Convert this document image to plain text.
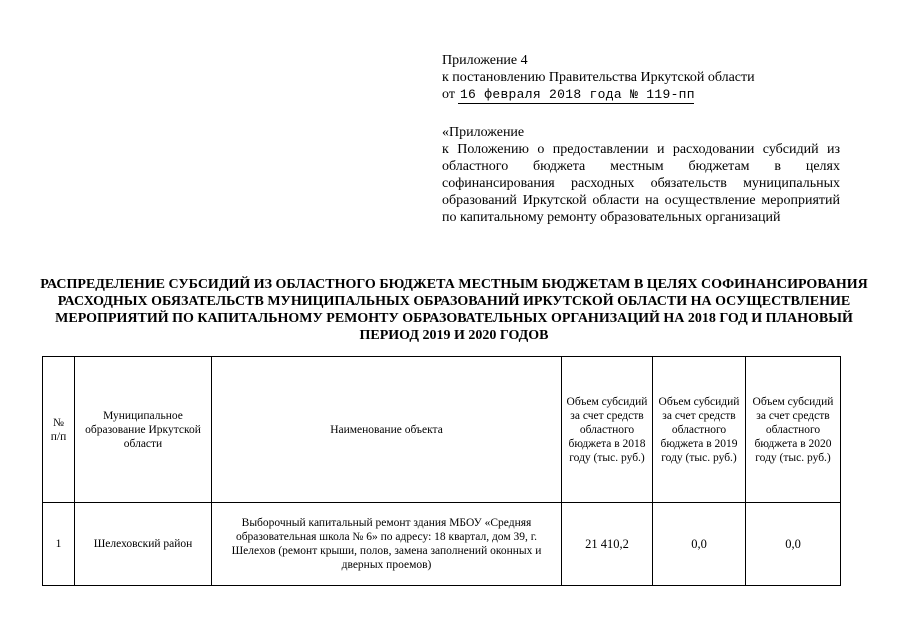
Приложение 4
к постановлению Правительства Иркутской области
от 16 февраля 2018 года № 119-пп
«Приложение
к Положению о предоставлении и расходовании субсидий из областного бюджета местным бюджетам в целях софинансирования расходных обязательств муниципальных образований Иркутской области на осуществление мероприятий по капитальному ремонту образовательных организаций
РАСПРЕДЕЛЕНИЕ СУБСИДИЙ ИЗ ОБЛАСТНОГО БЮДЖЕТА МЕСТНЫМ БЮДЖЕТАМ В ЦЕЛЯХ СОФИНАНСИРОВАНИЯ РАСХОДНЫХ ОБЯЗАТЕЛЬСТВ МУНИЦИПАЛЬНЫХ ОБРАЗОВАНИЙ ИРКУТСКОЙ ОБЛАСТИ НА ОСУЩЕСТВЛЕНИЕ МЕРОПРИЯТИЙ ПО КАПИТАЛЬНОМУ РЕМОНТУ ОБРАЗОВАТЕЛЬНЫХ ОРГАНИЗАЦИЙ НА 2018 ГОД И ПЛАНОВЫЙ ПЕРИОД 2019 И 2020 ГОДОВ
№ п/п	Муниципальное образование Иркутской области	Наименование объекта	Объем субсидий за счет средств областного бюджета в 2018 году (тыс. руб.)	Объем субсидий за счет средств областного бюджета в 2019 году (тыс. руб.)	Объем субсидий за счет средств областного бюджета в 2020 году (тыс. руб.)
1	Шелеховский район	Выборочный капитальный ремонт здания МБОУ «Средняя образовательная школа № 6» по адресу: 18 квартал, дом 39, г. Шелехов (ремонт крыши, полов, замена заполнений оконных и дверных проемов)	21 410,2	0,0	0,0
